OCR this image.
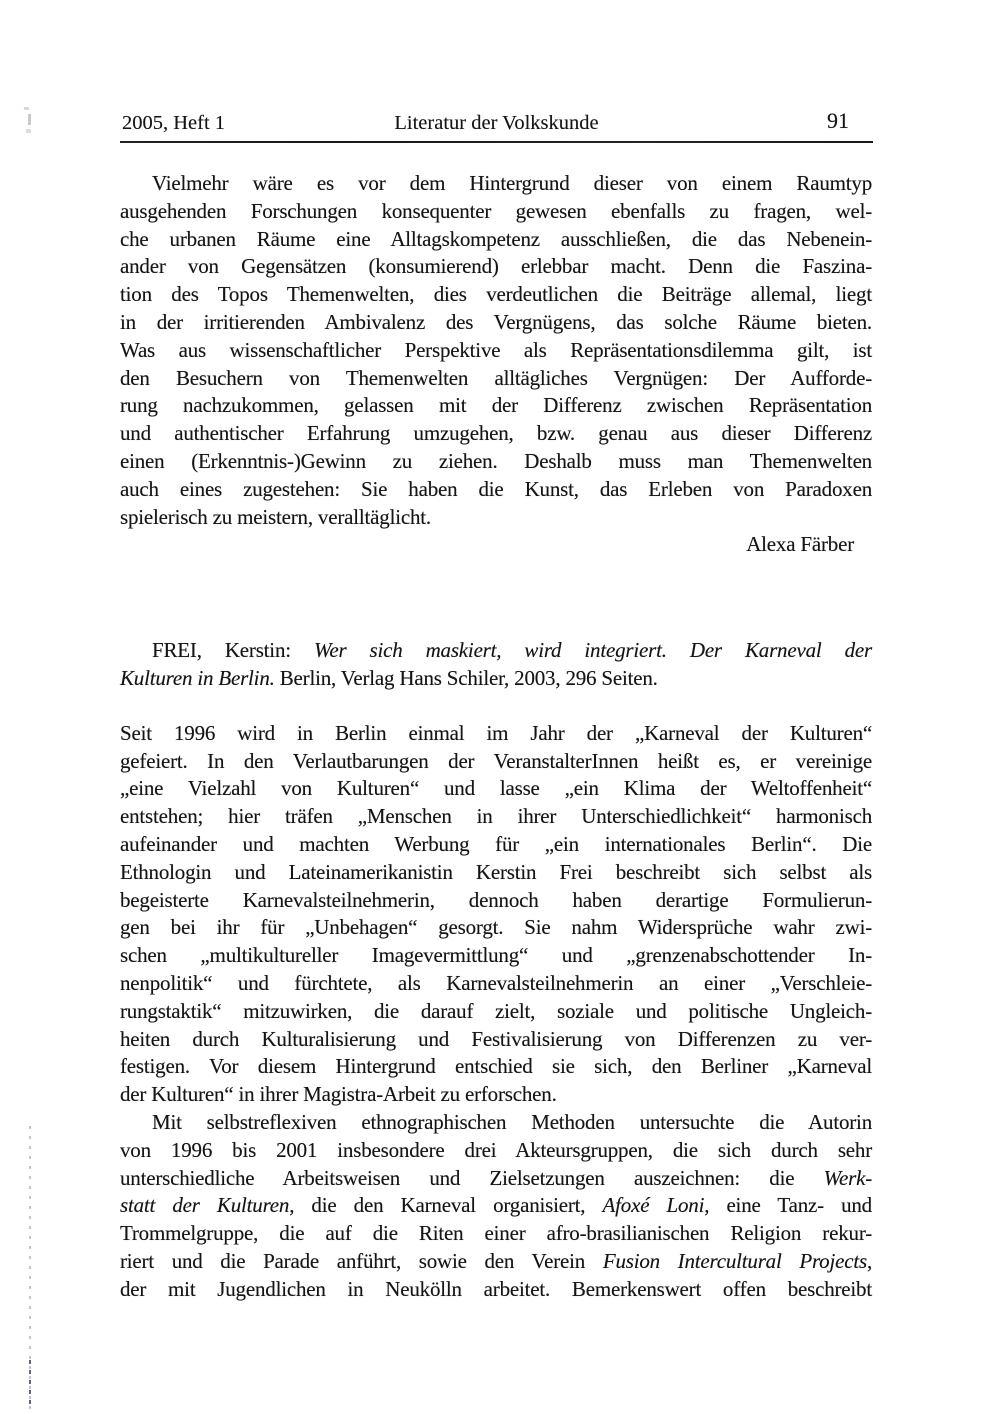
2005, Heft 1	Literatur der Volkskunde	91
Vielmehr wäre es vor dem Hintergrund dieser von einem Raumtyp
ausgehenden Forschungen konsequenter gewesen ebenfalls zu fragen, wel-
che urbanen Räume eine Alltagskompetenz ausschließen, die das Nebenein-
ander von Gegensätzen (konsumierend) erlebbar macht. Denn die Faszina-
tion des Topos Themenwelten, dies verdeutlichen die Beiträge allemal, liegt
in der irritierenden Ambivalenz des Vergnügens, das solche Räume bieten.
Was aus wissenschaftlicher Perspektive als Repräsentationsdilemma gilt, ist
den Besuchern von Themenwelten alltägliches Vergnügen: Der Aufforde-
rung nachzukommen, gelassen mit der Differenz zwischen Repräsentation
und authentischer Erfahrung umzugehen, bzw. genau aus dieser Differenz
einen (Erkenntnis-)Gewinn zu ziehen. Deshalb muss man Themenwelten
auch eines zugestehen: Sie haben die Kunst, das Erleben von Paradoxen
spielerisch zu meistern, veralltäglicht.
Alexa Färber
FREI, Kerstin: Wer sich maskiert, wird integriert. Der Karneval der
Kulturen in Berlin. Berlin, Verlag Hans Schiler, 2003, 296 Seiten.
Seit 1996 wird in Berlin einmal im Jahr der „Karneval der Kulturen“
gefeiert. In den Verlautbarungen der VeranstalterInnen heißt es, er vereinige
„eine Vielzahl von Kulturen“ und lasse „ein Klima der Weltoffenheit“
entstehen; hier träfen „Menschen in ihrer Unterschiedlichkeit“ harmonisch
aufeinander und machten Werbung für „ein internationales Berlin“. Die
Ethnologin und Lateinamerikanistin Kerstin Frei beschreibt sich selbst als
begeisterte Karnevalsteilnehmerin, dennoch haben derartige Formulierun-
gen bei ihr für „Unbehagen“ gesorgt. Sie nahm Widersprüche wahr zwi-
schen „multikultureller Imagevermittlung“ und „grenzenabschottender In-
nenpolitik“ und fürchtete, als Karnevalsteilnehmerin an einer „Verschleie-
rungstaktik“ mitzuwirken, die darauf zielt, soziale und politische Ungleich-
heiten durch Kulturalisierung und Festivalisierung von Differenzen zu ver-
festigen. Vor diesem Hintergrund entschied sie sich, den Berliner „Karneval
der Kulturen“ in ihrer Magistra-Arbeit zu erforschen.
Mit selbstreflexiven ethnographischen Methoden untersuchte die Autorin
von 1996 bis 2001 insbesondere drei Akteursgruppen, die sich durch sehr
unterschiedliche Arbeitsweisen und Zielsetzungen auszeichnen: die Werk-
statt der Kulturen, die den Karneval organisiert, Afoxé Loni, eine Tanz- und
Trommelgruppe, die auf die Riten einer afro-brasilianischen Religion rekur-
riert und die Parade anführt, sowie den Verein Fusion Intercultural Projects,
der mit Jugendlichen in Neukölln arbeitet. Bemerkenswert offen beschreibt
